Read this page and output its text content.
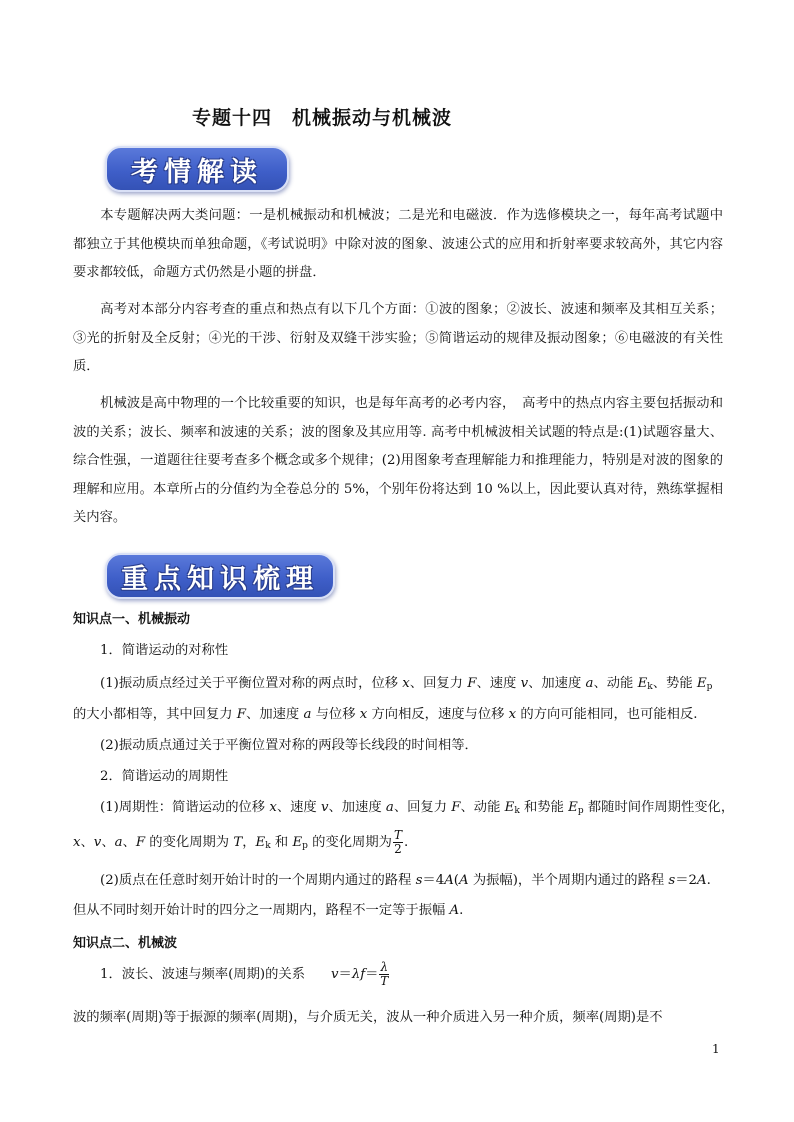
专题十四　机械振动与机械波
考情解读
本专题解决两大类问题：一是机械振动和机械波；二是光和电磁波．作为选修模块之一，每年高考试题中都独立于其他模块而单独命题，《考试说明》中除对波的图象、波速公式的应用和折射率要求较高外，其它内容要求都较低，命题方式仍然是小题的拼盘．
高考对本部分内容考查的重点和热点有以下几个方面：①波的图象；②波长、波速和频率及其相互关系；③光的折射及全反射；④光的干涉、衍射及双缝干涉实验；⑤简谐运动的规律及振动图象；⑥电磁波的有关性质．
机械波是高中物理的一个比较重要的知识，也是每年高考的必考内容，　高考中的热点内容主要包括振动和波的关系；波长、频率和波速的关系；波的图象及其应用等. 高考中机械波相关试题的特点是:(1)试题容量大、综合性强，一道题往往要考查多个概念或多个规律；(2)用图象考查理解能力和推理能力，特别是对波的图象的理解和应用。本章所占的分值约为全卷总分的 5%，个别年份将达到 10 %以上，因此要认真对待，熟练掌握相关内容。
重点知识梳理
知识点一、机械振动
1．简谐运动的对称性
(1)振动质点经过关于平衡位置对称的两点时，位移 x、回复力 F、速度 v、加速度 a、动能 $E_k$、势能 $E_p$
的大小都相等，其中回复力 F、加速度 a 与位移 x 方向相反，速度与位移 x 的方向可能相同，也可能相反.
(2)振动质点通过关于平衡位置对称的两段等长线段的时间相等．
2．简谐运动的周期性
(1)周期性：简谐运动的位移 x、速度 v、加速度 a、回复力 F、动能 $E_k$ 和势能 $E_p$ 都随时间作周期性变化，
x、v、a、F 的变化周期为 T，$E_k$ 和 $E_p$ 的变化周期为 $\frac{T}{2}$ .
(2)质点在任意时刻开始计时的一个周期内通过的路程 s＝4A(A 为振幅)，半个周期内通过的路程 s＝2A.
但从不同时刻开始计时的四分之一周期内，路程不一定等于振幅 A.
知识点二、机械波
1．波长、波速与频率(周期)的关系 $v=\lambda f= \frac{\lambda}{T}$
波的频率(周期)等于振源的频率(周期)，与介质无关，波从一种介质进入另一种介质，频率(周期)是不
1
